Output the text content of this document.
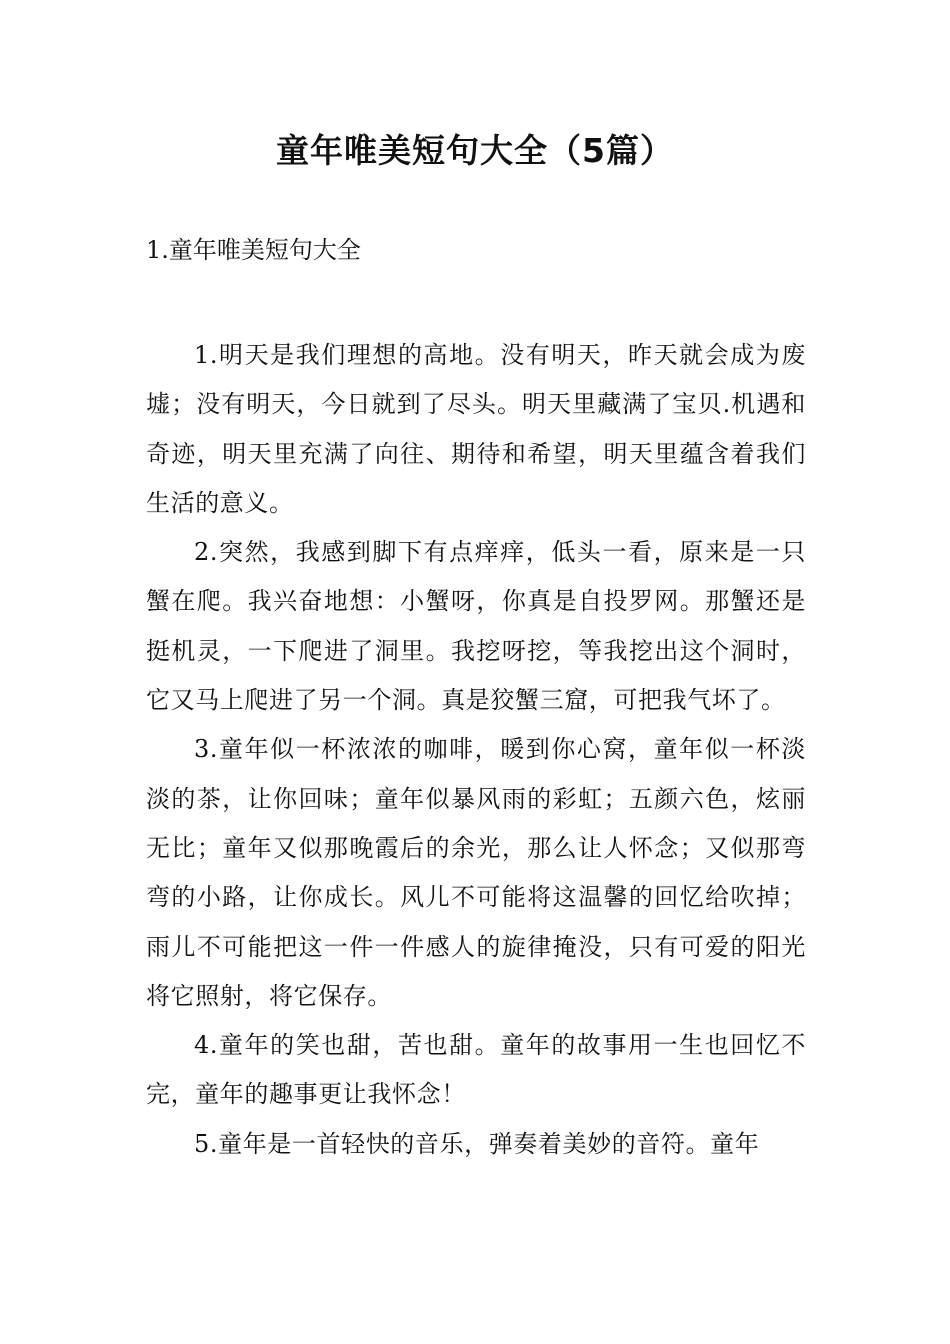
童年唯美短句大全（5篇）
1.童年唯美短句大全

1.明天是我们理想的高地。没有明天，昨天就会成为废墟；没有明天，今日就到了尽头。明天里藏满了宝贝.机遇和奇迹，明天里充满了向往、期待和希望，明天里蕴含着我们生活的意义。

2.突然，我感到脚下有点痒痒，低头一看，原来是一只蟹在爬。我兴奋地想：小蟹呀，你真是自投罗网。那蟹还是挺机灵，一下爬进了洞里。我挖呀挖，等我挖出这个洞时，它又马上爬进了另一个洞。真是狡蟹三窟，可把我气坏了。

3.童年似一杯浓浓的咖啡，暖到你心窝，童年似一杯淡淡的茶，让你回味；童年似暴风雨的彩虹；五颜六色，炫丽无比；童年又似那晚霞后的余光，那么让人怀念；又似那弯弯的小路，让你成长。风儿不可能将这温馨的回忆给吹掉；雨儿不可能把这一件一件感人的旋律掩没，只有可爱的阳光将它照射，将它保存。

4.童年的笑也甜，苦也甜。童年的故事用一生也回忆不完，童年的趣事更让我怀念！

5.童年是一首轻快的音乐，弹奏着美妙的音符。童年
